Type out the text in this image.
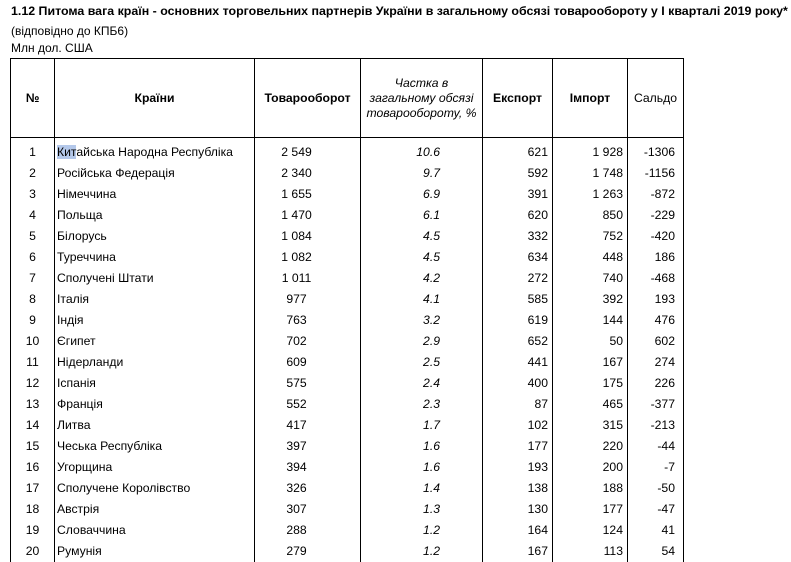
1.12 Питома вага країн - основних торговельних партнерів України в загальному обсязі товарообороту у І кварталі 2019 року*
(відповідно до КПБ6)
Млн дол. США
№	Країни	Товарооборот	Частка в загальному обсязі товарообороту, %	Експорт	Імпорт	Сальдо
1	Китайська Народна Республіка	2 549	10.6	621	1 928	-1306
2	Російська Федерація	2 340	9.7	592	1 748	-1156
3	Німеччина	1 655	6.9	391	1 263	-872
4	Польща	1 470	6.1	620	850	-229
5	Білорусь	1 084	4.5	332	752	-420
6	Туреччина	1 082	4.5	634	448	186
7	Сполучені Штати	1 011	4.2	272	740	-468
8	Італія	977	4.1	585	392	193
9	Індія	763	3.2	619	144	476
10	Єгипет	702	2.9	652	50	602
11	Нідерланди	609	2.5	441	167	274
12	Іспанія	575	2.4	400	175	226
13	Франція	552	2.3	87	465	-377
14	Литва	417	1.7	102	315	-213
15	Чеська Республіка	397	1.6	177	220	-44
16	Угорщина	394	1.6	193	200	-7
17	Сполучене Королівство	326	1.4	138	188	-50
18	Австрія	307	1.3	130	177	-47
19	Словаччина	288	1.2	164	124	41
20	Румунія	279	1.2	167	113	54
